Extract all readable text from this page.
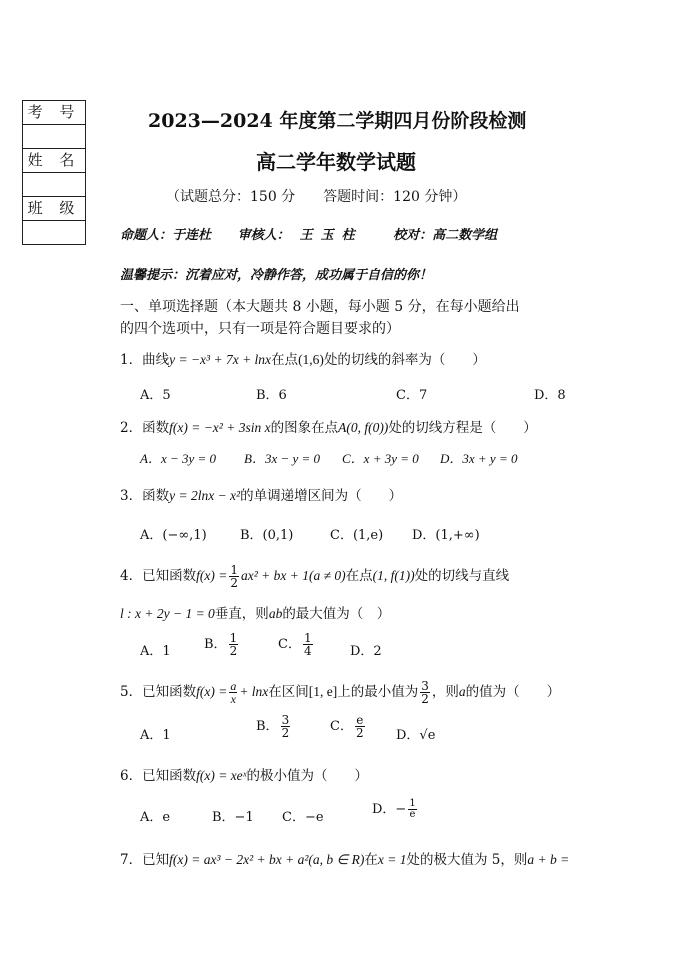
考 号
姓 名
班 级
2023—2024 年度第二学期四月份阶段检测
高二学年数学试题
（试题总分：150 分　　答题时间：120 分钟）
命题人：于连杜 审核人： 王玉柱 校对：高二数学组
温馨提示：沉着应对，冷静作答，成功属于自信的你！
一、单项选择题（本大题共 8 小题，每小题 5 分，在每小题给出
的四个选项中，只有一项是符合题目要求的）
1．曲线y = −x³ + 7x + lnx在点(1,6)处的切线的斜率为（　　）
A．5	B．6	C．7	D．8
2．函数f(x) = −x² + 3sin x的图象在点A(0, f(0))处的切线方程是（　　）
A．x − 3y = 0 B．3x − y = 0 C．x + 3y = 0 D．3x + y = 0
3．函数y = 2lnx − x²的单调递增区间为（　　）
A．(−∞,1)	B．(0,1)	C．(1,e) D．(1,+∞)
4．已知函数$f(x) = \frac{1}{2} ax^2$ + bx + 1(a ≠ 0)在点(1, f(1))处的切线与直线
l : x + 2y − 1 = 0垂直，则ab的最大值为（　）
A．1	B． $\frac{1}{2}$	C． $\frac{1}{4}$	D．2
5．已知函数$f(x) = \frac{a}{x} + \ln x$在区间[1, e]上的最小值为 $\frac{3}{2}$ ，则a的值为（　　）
A．1
B． $\frac{3}{2}$	C． $\frac{e}{2}$ D．√e
6．已知函数f(x) = xeˣ的极小值为（　　）
A．e	B．−1 C．−e
D．− $\frac{1}{e}$
7．已知f(x) = ax³ − 2x² + bx + a²(a, b ∈ R)在x = 1处的极大值为 5，则a + b =
